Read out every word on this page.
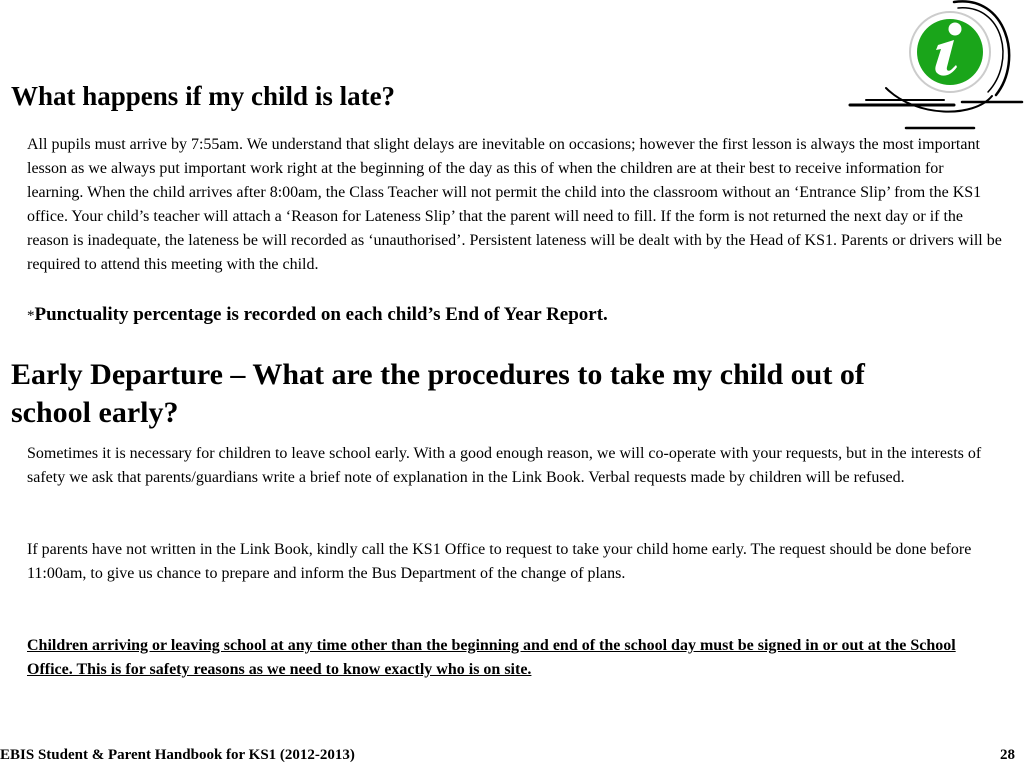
What happens if my child is late?

All pupils must arrive by 7:55am. We understand that slight delays are inevitable on occasions; however the first lesson is always the most important lesson as we always put important work right at the beginning of the day as this of when the children are at their best to receive information for learning. When the child arrives after 8:00am, the Class Teacher will not permit the child into the classroom without an ‘Entrance Slip’ from the KS1 office. Your child’s teacher will attach a ‘Reason for Lateness Slip’ that the parent will need to fill. If the form is not returned the next day or if the reason is inadequate, the lateness be will recorded as ‘unauthorised’. Persistent lateness will be dealt with by the Head of KS1. Parents or drivers will be required to attend this meeting with the child.

*Punctuality percentage is recorded on each child’s End of Year Report.

Early Departure – What are the procedures to take my child out of school early?

Sometimes it is necessary for children to leave school early. With a good enough reason, we will co-operate with your requests, but in the interests of safety we ask that parents/guardians write a brief note of explanation in the Link Book. Verbal requests made by children will be refused.

If parents have not written in the Link Book, kindly call the KS1 Office to request to take your child home early. The request should be done before 11:00am, to give us chance to prepare and inform the Bus Department of the change of plans.

Children arriving or leaving school at any time other than the beginning and end of the school day must be signed in or out at the School Office. This is for safety reasons as we need to know exactly who is on site.

EBIS Student & Parent Handbook for KS1 (2012-2013)	28
